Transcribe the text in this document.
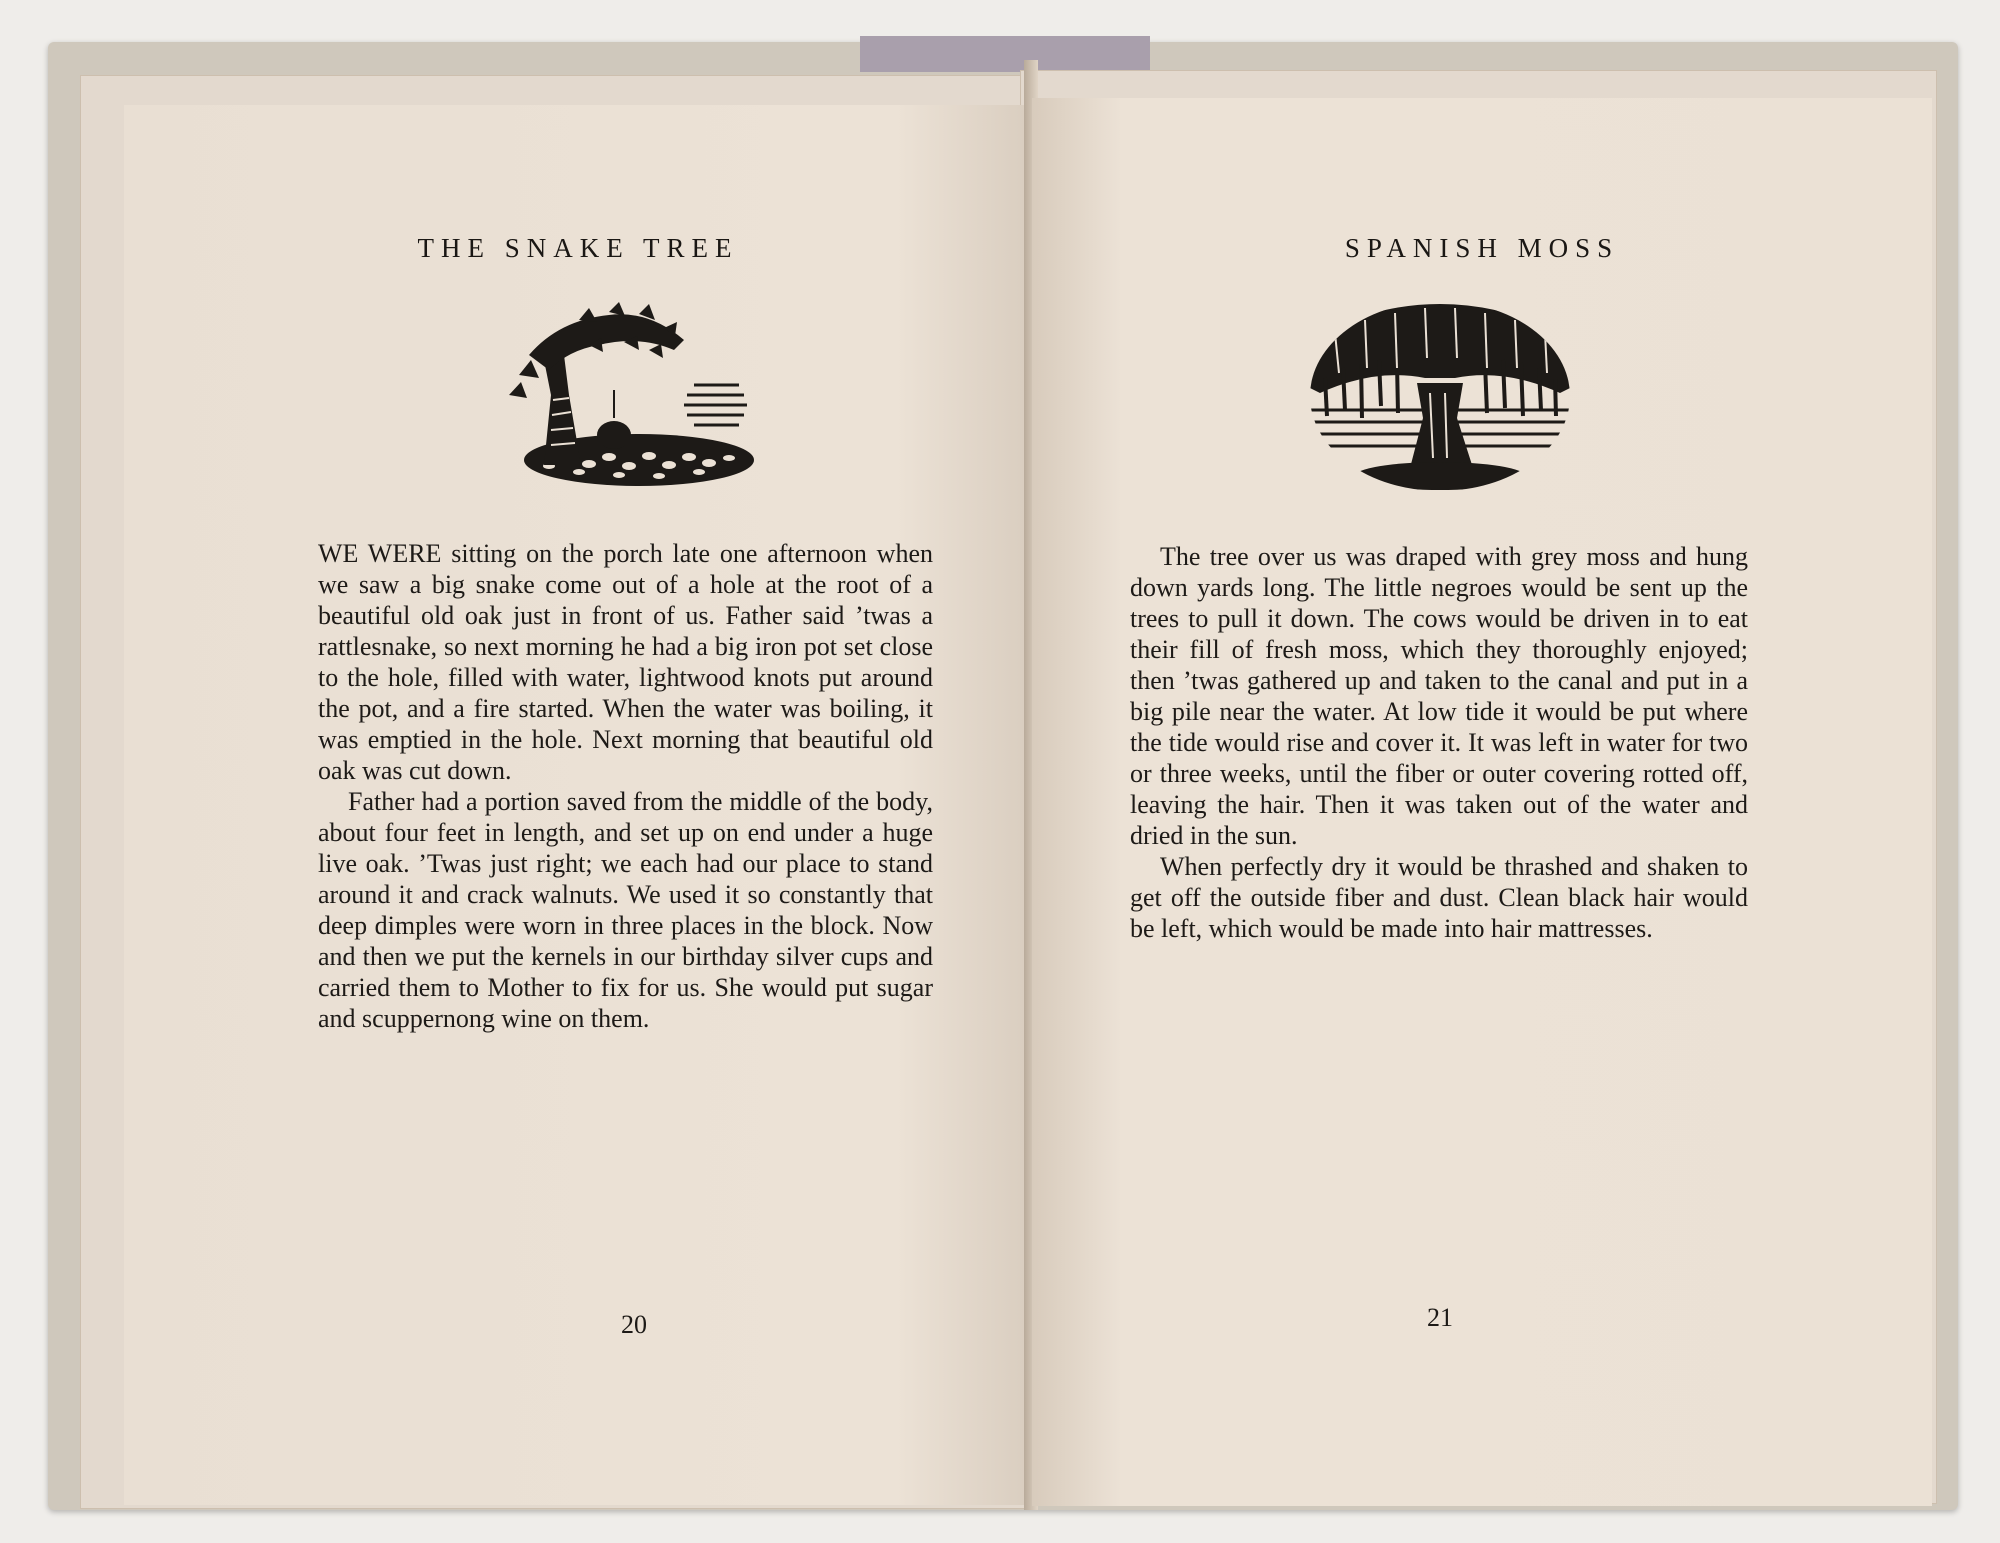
THE SNAKE TREE

WE WERE sitting on the porch late one afternoon when we saw a big snake come out of a hole at the root of a beautiful old oak just in front of us. Father said ’twas a rattlesnake, so next morning he had a big iron pot set close to the hole, filled with water, lightwood knots put around the pot, and a fire started. When the water was boiling, it was emptied in the hole. Next morning that beautiful old oak was cut down.

Father had a portion saved from the middle of the body, about four feet in length, and set up on end under a huge live oak. ’Twas just right; we each had our place to stand around it and crack walnuts. We used it so constantly that deep dimples were worn in three places in the block. Now and then we put the kernels in our birthday silver cups and carried them to Mother to fix for us. She would put sugar and scuppernong wine on them.

20
SPANISH MOSS

The tree over us was draped with grey moss and hung down yards long. The little negroes would be sent up the trees to pull it down. The cows would be driven in to eat their fill of fresh moss, which they thoroughly enjoyed; then ’twas gathered up and taken to the canal and put in a big pile near the water. At low tide it would be put where the tide would rise and cover it. It was left in water for two or three weeks, until the fiber or outer covering rotted off, leaving the hair. Then it was taken out of the water and dried in the sun.

When perfectly dry it would be thrashed and shaken to get off the outside fiber and dust. Clean black hair would be left, which would be made into hair mattresses.

21
